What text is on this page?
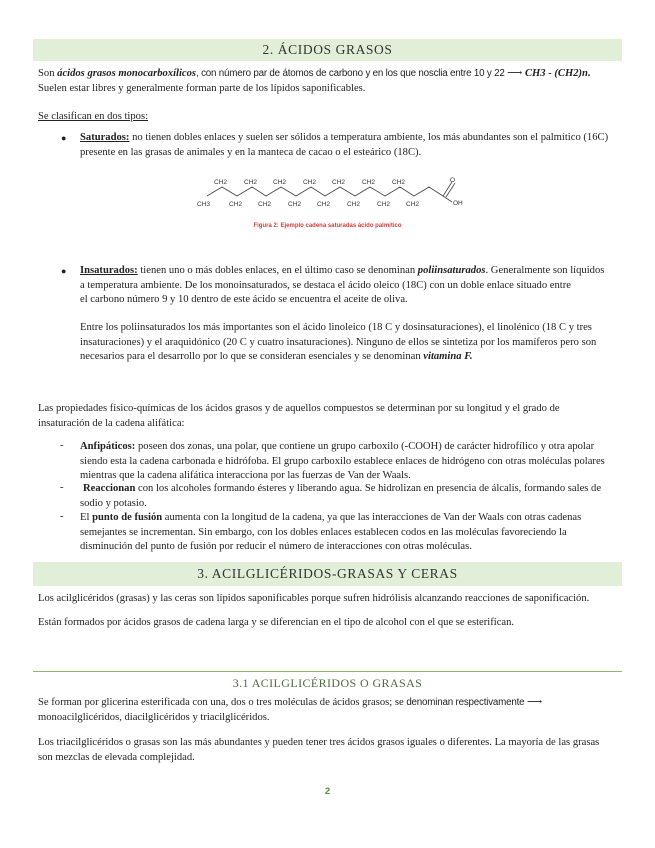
2. ÁCIDOS GRASOS

Son ácidos grasos monocarboxílicos, con número par de átomos de carbono y en los que nosclia entre 10 y 22 ⟶ CH3 - (CH2)n.
Suelen estar libres y generalmente forman parte de los lípidos saponificables.

Se clasifican en dos tipos:

● Saturados: no tienen dobles enlaces y suelen ser sólidos a temperatura ambiente, los más abundantes son el palmítico (16C)
presente en las grasas de animales y en la manteca de cacao o el esteárico (18C).

CH2	CH2 CH2	CH2 CH2	CH2	CH2
CH3	CH2 CH2	CH2 CH2	CH2	CH2 CH2
O
OH
Figura 2: Ejemplo cadena saturadas ácido palmítico
● Insaturados: tienen uno o más dobles enlaces, en el último caso se denominan poliinsaturados. Generalmente son líquidos
a temperatura ambiente. De los monoinsaturados, se destaca el ácido oleico (18C) con un doble enlace situado entre
el carbono número 9 y 10 dentro de este ácido se encuentra el aceite de oliva.

Entre los poliinsaturados los más importantes son el ácido linoleico (18 C y dosinsaturaciones), el linolénico (18 C y tres
insaturaciones) y el araquidónico (20 C y cuatro insaturaciones). Ninguno de ellos se sintetiza por los mamíferos pero son
necesarios para el desarrollo por lo que se consideran esenciales y se denominan vitamina F.

Las propiedades físico-químicas de los ácidos grasos y de aquellos compuestos se determinan por su longitud y el grado de
insaturación de la cadena alifática:

- Anfipáticos: poseen dos zonas, una polar, que contiene un grupo carboxilo (-COOH) de carácter hidrofílico y otra apolar
siendo esta la cadena carbonada e hidrófoba. El grupo carboxilo establece enlaces de hidrógeno con otras moléculas polares
mientras que la cadena alifática interacciona por las fuerzas de Van der Waals.

- Reaccionan con los alcoholes formando ésteres y liberando agua. Se hidrolizan en presencia de álcalis, formando sales de
sodio y potasio.

- El punto de fusión aumenta con la longitud de la cadena, ya que las interacciones de Van der Waals con otras cadenas
semejantes se incrementan. Sin embargo, con los dobles enlaces establecen codos en las moléculas favoreciendo la
disminución del punto de fusión por reducir el número de interacciones con otras moléculas.

3. ACILGLICÉRIDOS-GRASAS Y CERAS

Los acilglicéridos (grasas) y las ceras son lípidos saponificables porque sufren hidrólisis alcanzando reacciones de saponificación.

Están formados por ácidos grasos de cadena larga y se diferencian en el tipo de alcohol con el que se esterifican.

3.1 ACILGLICÉRIDOS O GRASAS

Se forman por glicerina esterificada con una, dos o tres moléculas de ácidos grasos; se denominan respectivamente ⟶
monoacilglicéridos, diacilglicéridos y triacilglicéridos.

Los triacilglicéridos o grasas son las más abundantes y pueden tener tres ácidos grasos iguales o diferentes. La mayoría de las grasas
son mezclas de elevada complejidad.

2
